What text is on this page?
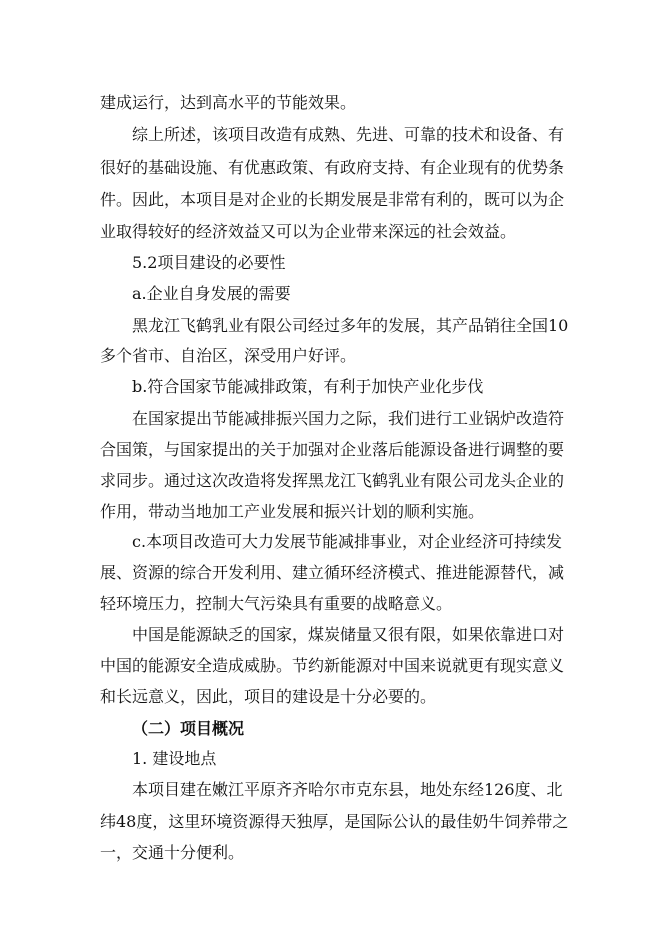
建成运行，达到高水平的节能效果。
综上所述，该项目改造有成熟、先进、可靠的技术和设备、有
很好的基础设施、有优惠政策、有政府支持、有企业现有的优势条
件。因此，本项目是对企业的长期发展是非常有利的，既可以为企
业取得较好的经济效益又可以为企业带来深远的社会效益。
5.2项目建设的必要性
a.企业自身发展的需要
黑龙江飞鹤乳业有限公司经过多年的发展，其产品销往全国10
多个省市、自治区，深受用户好评。
b.符合国家节能减排政策，有利于加快产业化步伐
在国家提出节能减排振兴国力之际，我们进行工业锅炉改造符
合国策，与国家提出的关于加强对企业落后能源设备进行调整的要
求同步。通过这次改造将发挥黑龙江飞鹤乳业有限公司龙头企业的
作用，带动当地加工产业发展和振兴计划的顺利实施。
c.本项目改造可大力发展节能减排事业，对企业经济可持续发
展、资源的综合开发利用、建立循环经济模式、推进能源替代，减
轻环境压力，控制大气污染具有重要的战略意义。
中国是能源缺乏的国家，煤炭储量又很有限，如果依靠进口对
中国的能源安全造成威胁。节约新能源对中国来说就更有现实意义
和长远意义，因此，项目的建设是十分必要的。
（二）项目概况
1. 建设地点
本项目建在嫩江平原齐齐哈尔市克东县，地处东经126度、北
纬48度，这里环境资源得天独厚，是国际公认的最佳奶牛饲养带之
一，交通十分便利。
